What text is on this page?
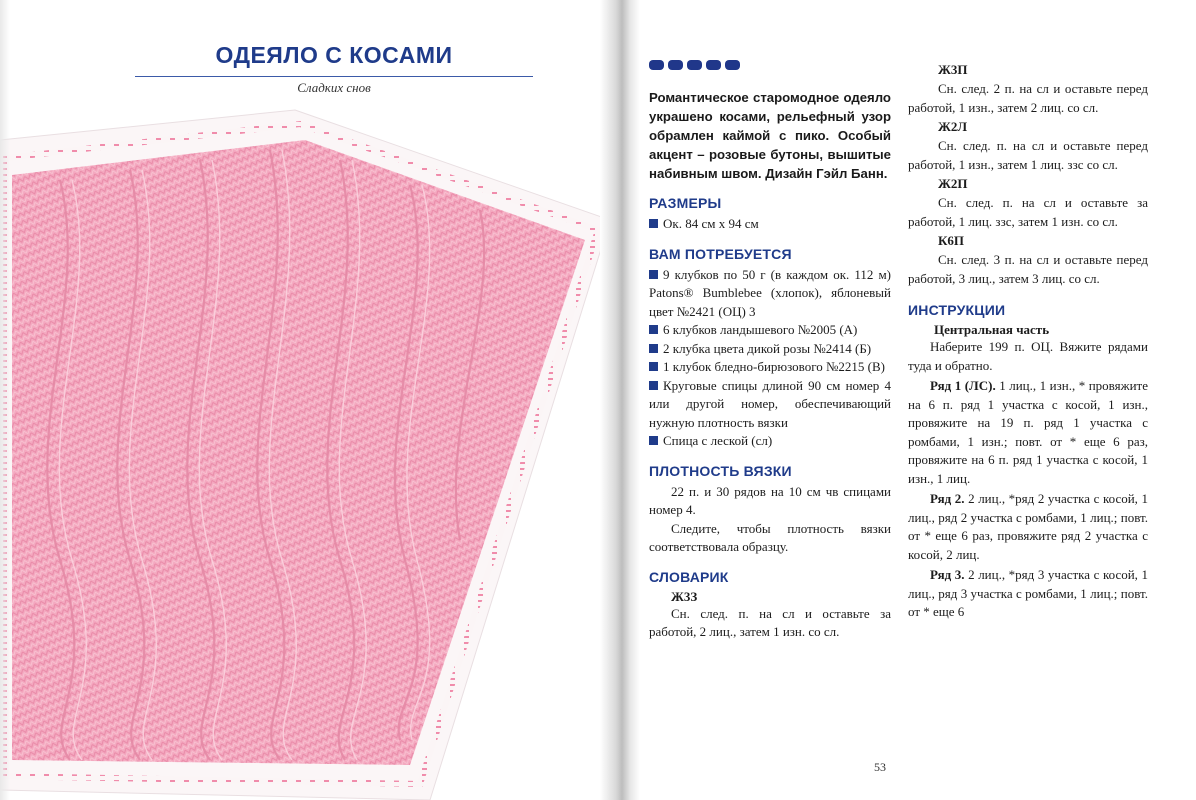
ОДЕЯЛО С КОСАМИ
Сладких снов

Романтическое старомодное одеяло украшено косами, рельефный узор обрамлен каймой с пико. Особый акцент – розовые бутоны, вышитые набивным швом. Дизайн Гэйл Банн.

РАЗМЕРЫ

Ок. 84 см х 94 см

ВАМ ПОТРЕБУЕТСЯ

9 клубков по 50 г (в каждом ок. 112 м) Patons® Bumblebee (хлопок), яблоневый цвет №2421 (ОЦ) 3

6 клубков ландышевого №2005 (А)

2 клубка цвета дикой розы №2414 (Б)

1 клубок бледно-бирюзового №2215 (В)

Круговые спицы длиной 90 см номер 4 или другой номер, обеспечивающий нужную плотность вязки

Спица с леской (сл)

ПЛОТНОСТЬ ВЯЗКИ

22 п. и 30 рядов на 10 см чв спицами номер 4.

Следите, чтобы плотность вязки соответствовала образцу.

СЛОВАРИК
Ж3З

Сн. след. п. на сл и оставьте за работой, 2 лиц., затем 1 изн. со сл.

Ж3П

Сн. след. 2 п. на сл и оставьте перед работой, 1 изн., затем 2 лиц. со сл.

Ж2Л

Сн. след. п. на сл и оставьте перед работой, 1 изн., затем 1 лиц. ззс со сл.

Ж2П

Сн. след. п. на сл и оставьте за работой, 1 лиц. ззс, затем 1 изн. со сл.

К6П

Сн. след. 3 п. на сл и оставьте перед работой, 3 лиц., затем 3 лиц. со сл.

ИНСТРУКЦИИ
Центральная часть

Наберите 199 п. ОЦ. Вяжите рядами туда и обратно.

Ряд 1 (ЛС). 1 лиц., 1 изн., * провяжите на 6 п. ряд 1 участка с косой, 1 изн., провяжите на 19 п. ряд 1 участка с ромбами, 1 изн.; повт. от * еще 6 раз, провяжите на 6 п. ряд 1 участка с косой, 1 изн., 1 лиц.

Ряд 2. 2 лиц., *ряд 2 участка с косой, 1 лиц., ряд 2 участка с ромбами, 1 лиц.; повт. от * еще 6 раз, провяжите ряд 2 участка с косой, 2 лиц.

Ряд 3. 2 лиц., *ряд 3 участка с косой, 1 лиц., ряд 3 участка с ромбами, 1 лиц.; повт. от * еще 6

53
